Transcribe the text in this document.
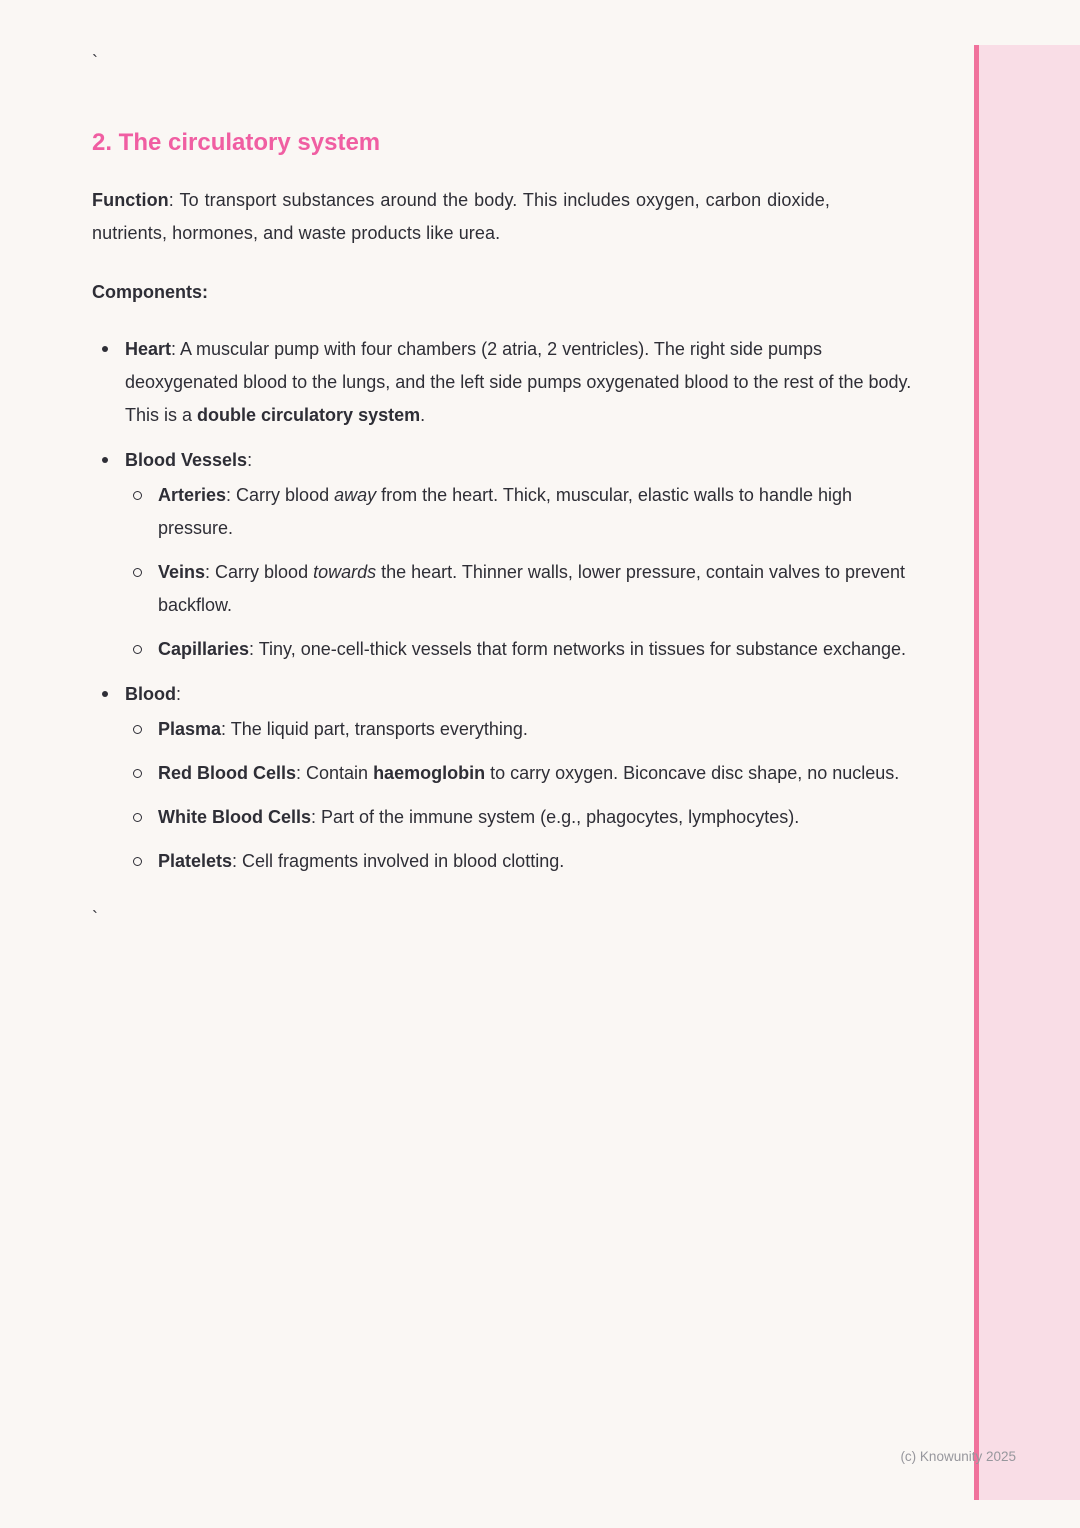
`
2. The circulatory system

Function: To transport substances around the body. This includes oxygen, carbon dioxide, nutrients, hormones, and waste products like urea.

Components:

Heart: A muscular pump with four chambers (2 atria, 2 ventricles). The right side pumps deoxygenated blood to the lungs, and the left side pumps oxygenated blood to the rest of the body. This is a double circulatory system.
Blood Vessels:
Arteries: Carry blood away from the heart. Thick, muscular, elastic walls to handle high pressure.
Veins: Carry blood towards the heart. Thinner walls, lower pressure, contain valves to prevent backflow.
Capillaries: Tiny, one-cell-thick vessels that form networks in tissues for substance exchange.
Blood:
Plasma: The liquid part, transports everything.
Red Blood Cells: Contain haemoglobin to carry oxygen. Biconcave disc shape, no nucleus.
White Blood Cells: Part of the immune system (e.g., phagocytes, lymphocytes).
Platelets: Cell fragments involved in blood clotting.
`
(c) Knowunity 2025
